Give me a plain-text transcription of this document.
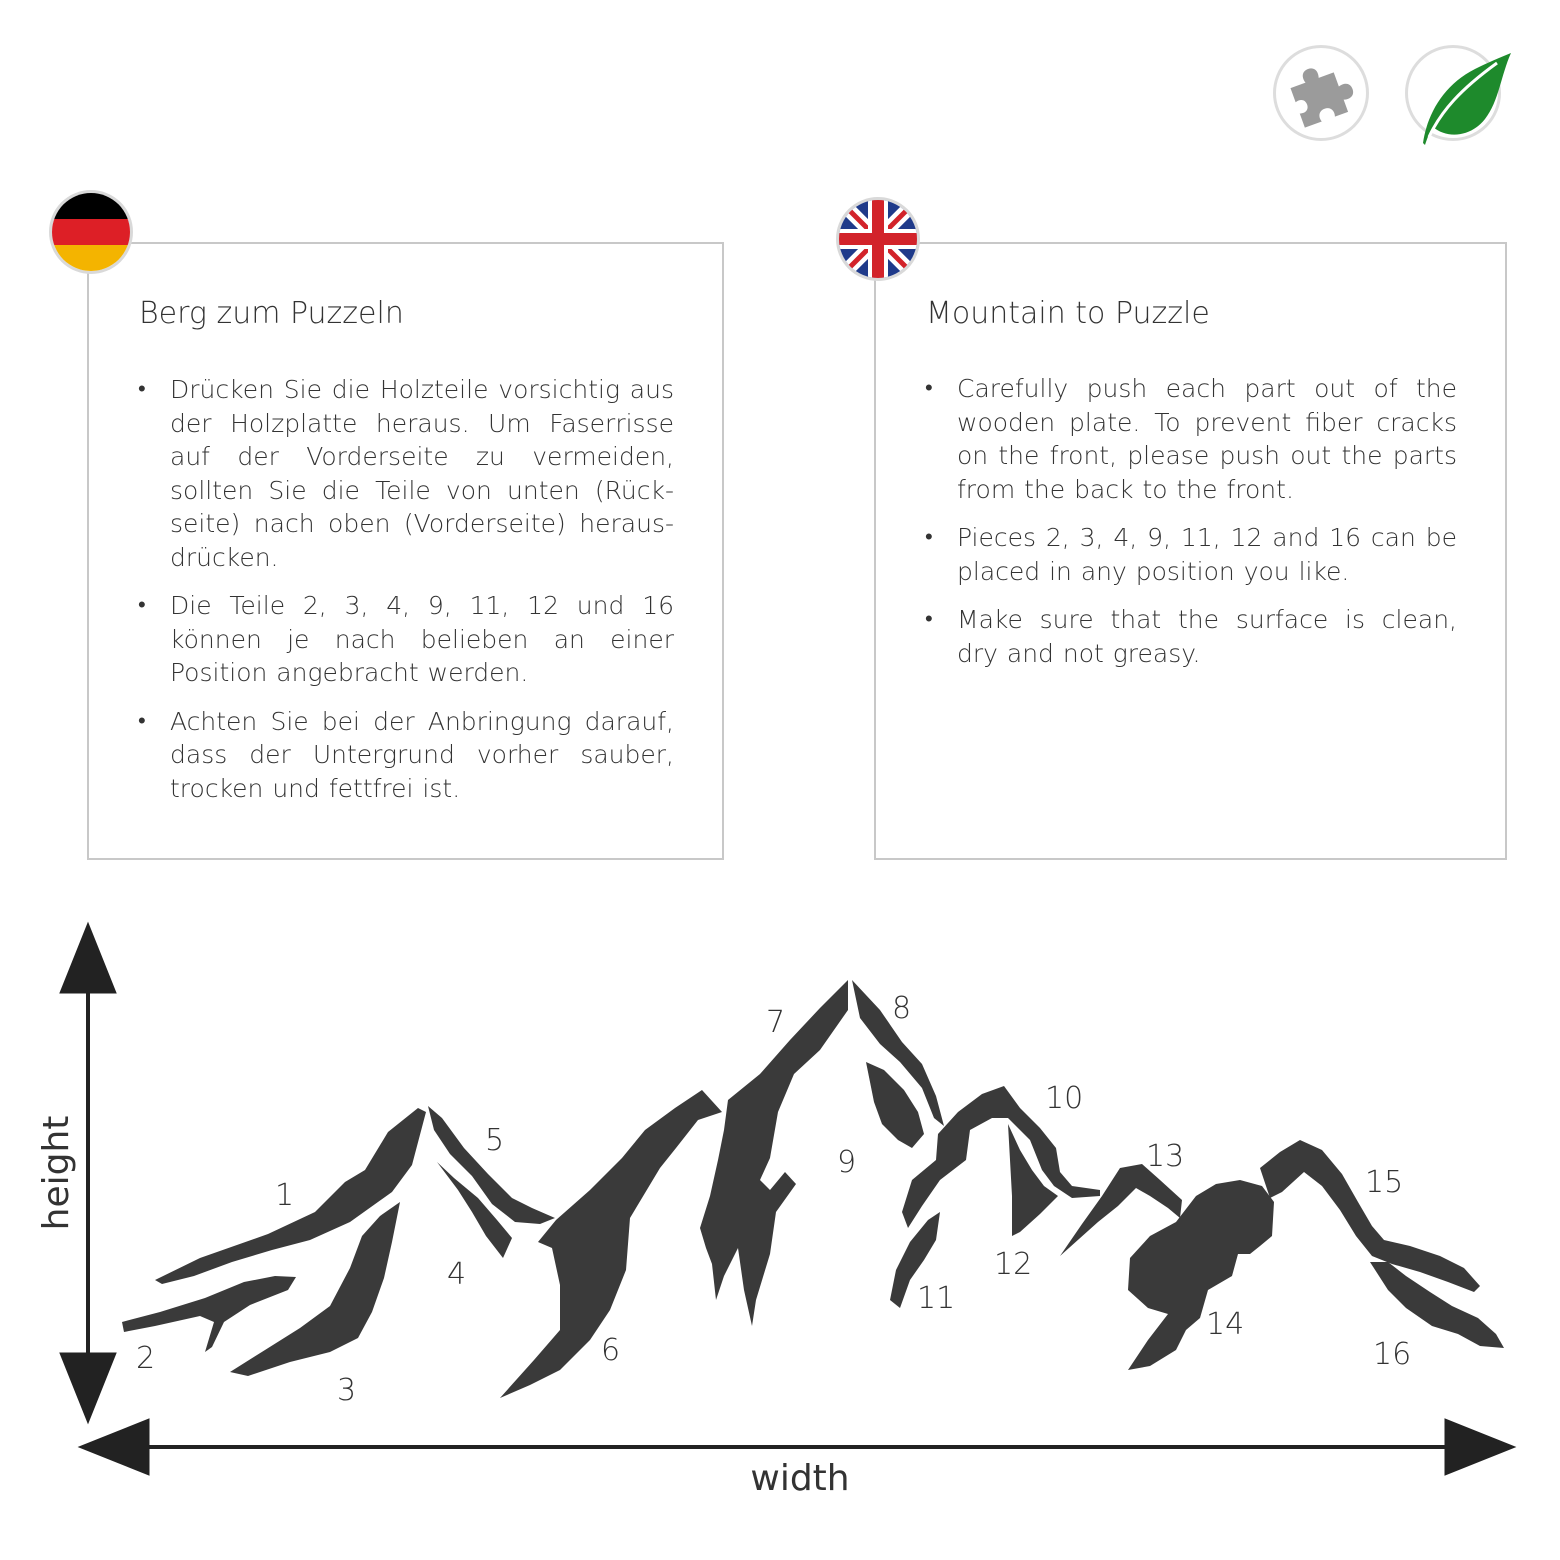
Berg zum Puzzeln
• Drücken Sie die Holzteile vorsichtig aus der Holzplatte heraus. Um Faserrisse auf der Vorderseite zu vermeiden, sollten Sie die Teile von unten (Rückseite) nach oben (Vorderseite) herausdrücken.
• Die Teile 2, 3, 4, 9, 11, 12 und 16 können je nach belieben an einer Position angebracht werden.
• Achten Sie bei der Anbringung darauf, dass der Untergrund vorher sauber, trocken und fettfrei ist.
Mountain to Puzzle
• Carefully push each part out of the wooden plate. To prevent fiber cracks on the front, please push out the parts from the back to the front.
• Pieces 2, 3, 4, 9, 11, 12 and 16 can be placed in any position you like.
• Make sure that the surface is clean, dry and not greasy.
height
width
1
2
3
4
5
6
7	8
9
10
11
12
13
14
15
16
